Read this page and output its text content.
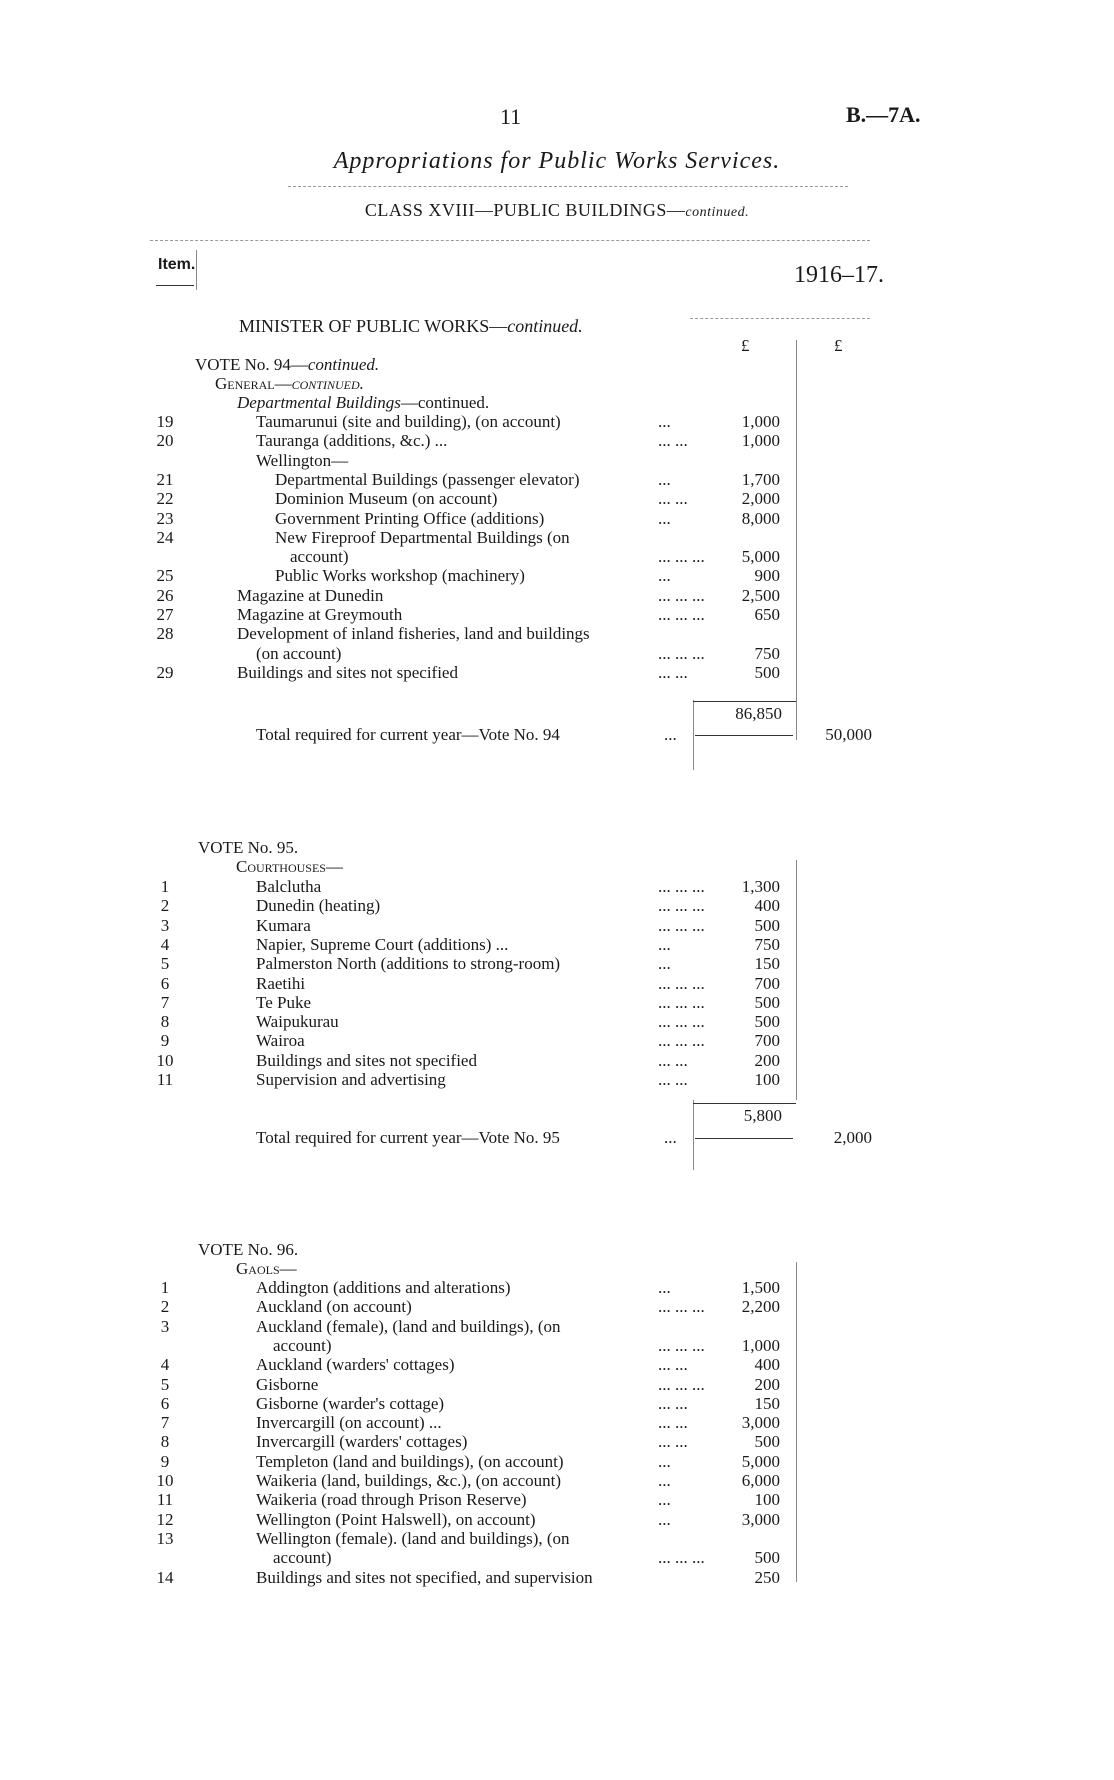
11	B.—7A.
Appropriations for Public Works Services.
CLASS XVIII—PUBLIC BUILDINGS—continued.
Item.	1916–17.
£	£
MINISTER OF PUBLIC WORKS—continued.
VOTE No. 94—continued.
General—continued.
Departmental Buildings—continued.
19	Taumarunui (site and building), (on account)	...	1,000
20	Tauranga (additions, &c.) ...	... ...	1,000
Wellington—
21	Departmental Buildings (passenger elevator)	...	1,700
22	Dominion Museum (on account)	... ...	2,000
23	Government Printing Office (additions)	...	8,000
24	New Fireproof Departmental Buildings (on
account)	... ... ...	5,000
25	Public Works workshop (machinery)	...	900
26	Magazine at Dunedin	... ... ...	2,500
27	Magazine at Greymouth	... ... ...	650
28	Development of inland fisheries, land and buildings
(on account)	... ... ...	750
29	Buildings and sites not specified	... ...	500
86,850
Total required for current year—Vote No. 94	...	50,000
VOTE No. 95.
Courthouses—
1	Balclutha	... ... ...	1,300
2	Dunedin (heating)	... ... ...	400
3	Kumara	... ... ...	500
4	Napier, Supreme Court (additions) ...	...	750
5	Palmerston North (additions to strong-room)	...	150
6	Raetihi	... ... ...	700
7	Te Puke	... ... ...	500
8	Waipukurau	... ... ...	500
9	Wairoa	... ... ...	700
10	Buildings and sites not specified	... ...	200
11	Supervision and advertising	... ...	100
5,800
Total required for current year—Vote No. 95	...	2,000
VOTE No. 96.
Gaols—
1	Addington (additions and alterations)	...	1,500
2	Auckland (on account)	... ... ...	2,200
3	Auckland (female), (land and buildings), (on
account)	... ... ...	1,000
4	Auckland (warders' cottages)	... ...	400
5	Gisborne	... ... ...	200
6	Gisborne (warder's cottage)	... ...	150
7	Invercargill (on account) ...	... ...	3,000
8	Invercargill (warders' cottages)	... ...	500
9	Templeton (land and buildings), (on account)	...	5,000
10	Waikeria (land, buildings, &c.), (on account)	...	6,000
11	Waikeria (road through Prison Reserve)	...	100
12	Wellington (Point Halswell), on account)	...	3,000
13	Wellington (female). (land and buildings), (on
account)	... ... ...	500
14	Buildings and sites not specified, and supervision	250
